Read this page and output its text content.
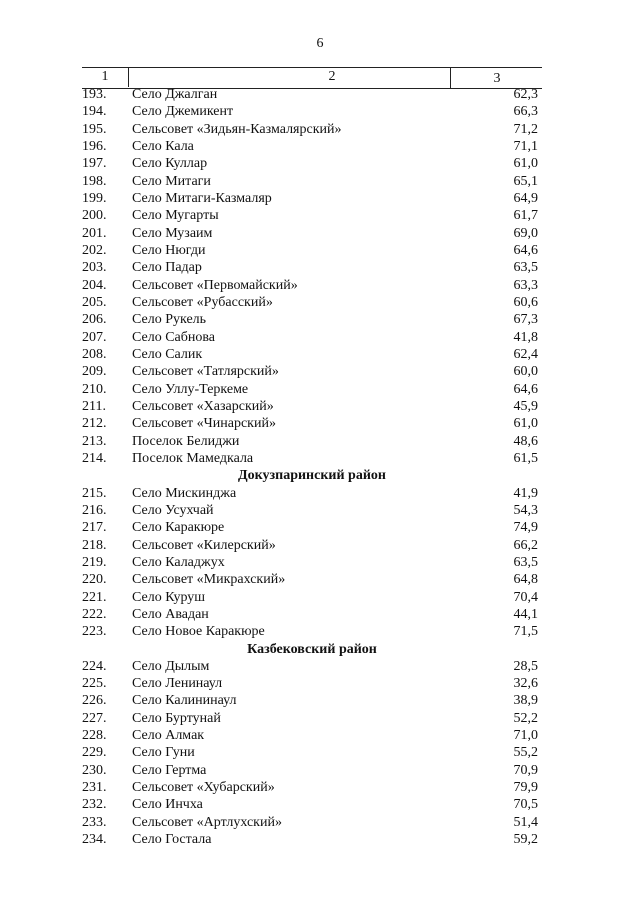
6
1	2	3
193.	Село Джалган	62,3
194.	Село Джемикент	66,3
195.	Сельсовет «Зидьян-Казмалярский»	71,2
196.	Село Кала	71,1
197.	Село Куллар	61,0
198.	Село Митаги	65,1
199.	Село Митаги-Казмаляр	64,9
200.	Село Мугарты	61,7
201.	Село Музаим	69,0
202.	Село Нюгди	64,6
203.	Село Падар	63,5
204.	Сельсовет «Первомайский»	63,3
205.	Сельсовет «Рубасский»	60,6
206.	Село Рукель	67,3
207.	Село Сабнова	41,8
208.	Село Салик	62,4
209.	Сельсовет «Татлярский»	60,0
210.	Село Уллу-Теркеме	64,6
211.	Сельсовет «Хазарский»	45,9
212.	Сельсовет «Чинарский»	61,0
213.	Поселок Белиджи	48,6
214.	Поселок Мамедкала	61,5
Докузпаринский район
215.	Село Мискинджа	41,9
216.	Село Усухчай	54,3
217.	Село Каракюре	74,9
218.	Сельсовет «Килерский»	66,2
219.	Село Каладжух	63,5
220.	Сельсовет «Микрахский»	64,8
221.	Село Куруш	70,4
222.	Село Авадан	44,1
223.	Село Новое Каракюре	71,5
Казбековский район
224.	Село Дылым	28,5
225.	Село Ленинаул	32,6
226.	Село Калининаул	38,9
227.	Село Буртунай	52,2
228.	Село Алмак	71,0
229.	Село Гуни	55,2
230.	Село Гертма	70,9
231.	Сельсовет «Хубарский»	79,9
232.	Село Инчха	70,5
233.	Сельсовет «Артлухский»	51,4
234.	Село Гостала	59,2
